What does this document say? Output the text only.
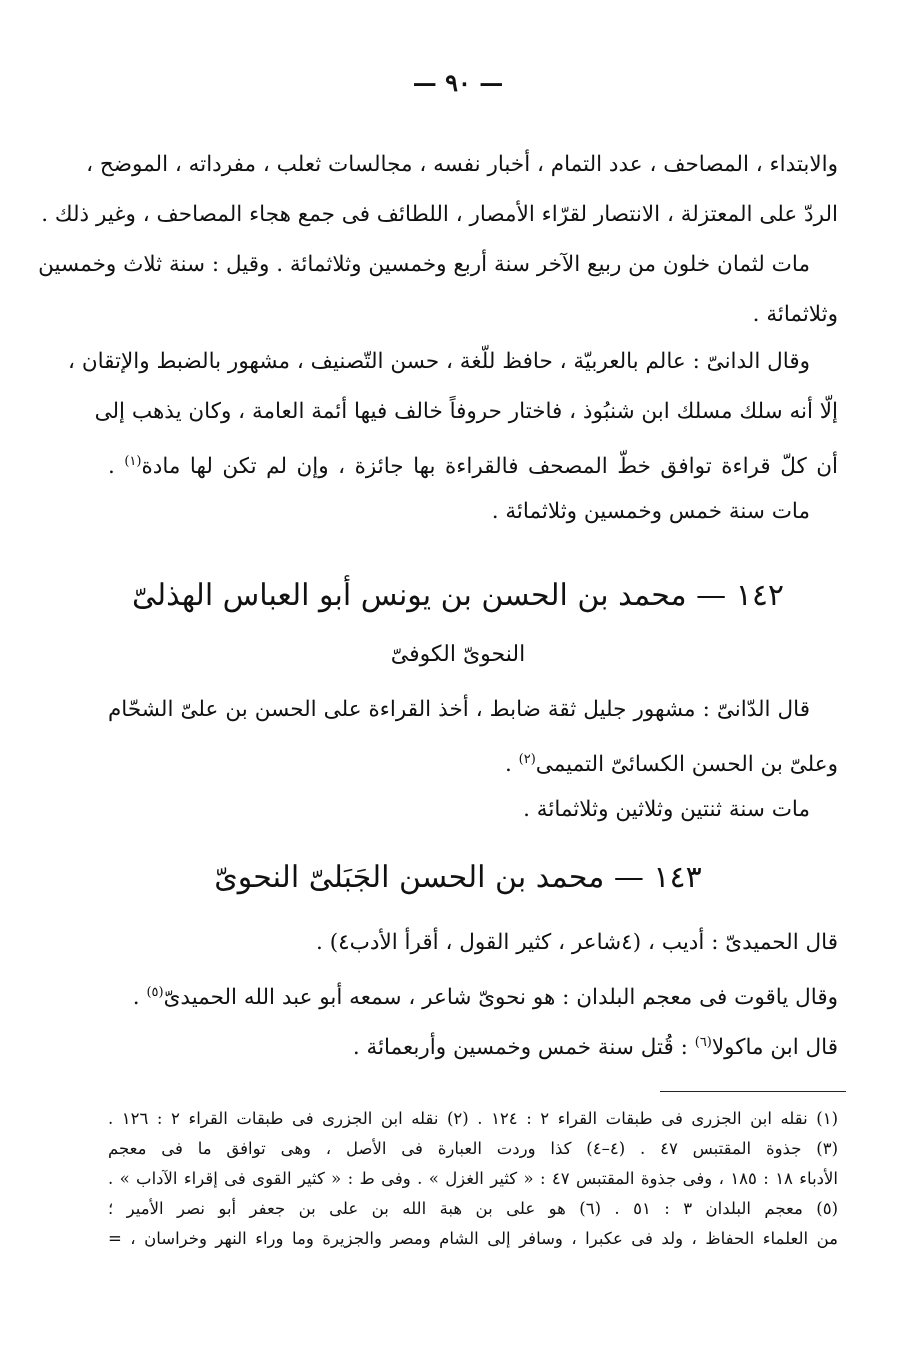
— ٩٠ —
والابتداء ، المصاحف ، عدد التمام ، أخبار نفسه ، مجالسات ثعلب ، مفرداته ، الموضح ،
الردّ على المعتزلة ، الانتصار لقرّاء الأمصار ، اللطائف فى جمع هجاء المصاحف ، وغير ذلك .
مات لثمان خلون من ربيع الآخر سنة أربع وخمسين وثلاثمائة . وقيل : سنة ثلاث وخمسين
وثلاثمائة .
وقال الدانىّ : عالم بالعربيّة ، حافظ للّغة ، حسن التّصنيف ، مشهور بالضبط والإتقان ،
إلّا أنه سلك مسلك ابن شنبُوذ ، فاختار حروفاً خالف فيها أئمة العامة ، وكان يذهب إلى
أن كلّ قراءة توافق خطّ المصحف فالقراءة بها جائزة ، وإن لم تكن لها مادة$^{(١)}$ .
مات سنة خمس وخمسين وثلاثمائة .
١٤٢ — محمد بن الحسن بن يونس أبو العباس الهذلىّ
النحوىّ الكوفىّ
قال الدّانىّ : مشهور جليل ثقة ضابط ، أخذ القراءة على الحسن بن علىّ الشحّام
وعلىّ بن الحسن الكسائىّ التميمى$^{(٢)}$ .
مات سنة ثنتين وثلاثين وثلاثمائة .
١٤٣ — محمد بن الحسن الجَبَلىّ النحوىّ
قال الحميدىّ : أديب ، (٤شاعر ، كثير القول ، أقرأ الأدب٤) .
وقال ياقوت فى معجم البلدان : هو نحوىّ شاعر ، سمعه أبو عبد الله الحميدىّ$^{(٥)}$ .
قال ابن ماكولا$^{(٦)}$ : قُتل سنة خمس وخمسين وأربعمائة .
(١) نقله ابن الجزرى فى طبقات القراء ٢ : ١٢٤ . (٢) نقله ابن الجزرى فى طبقات القراء ٢ : ١٢٦ .
(٣) جذوة المقتبس ٤٧ . (٤–٤) كذا وردت العبارة فى الأصل ، وهى توافق ما فى معجم
الأدباء ١٨ : ١٨٥ ، وفى جذوة المقتبس ٤٧ : « كثير الغزل » . وفى ط : « كثير القوى فى إقراء الآداب » .
(٥) معجم البلدان ٣ : ٥١ . (٦) هو على بن هبة الله بن على بن جعفر أبو نصر الأمير ؛
من العلماء الحفاظ ، ولد فى عكبرا ، وسافر إلى الشام ومصر والجزيرة وما وراء النهر وخراسان ، =
